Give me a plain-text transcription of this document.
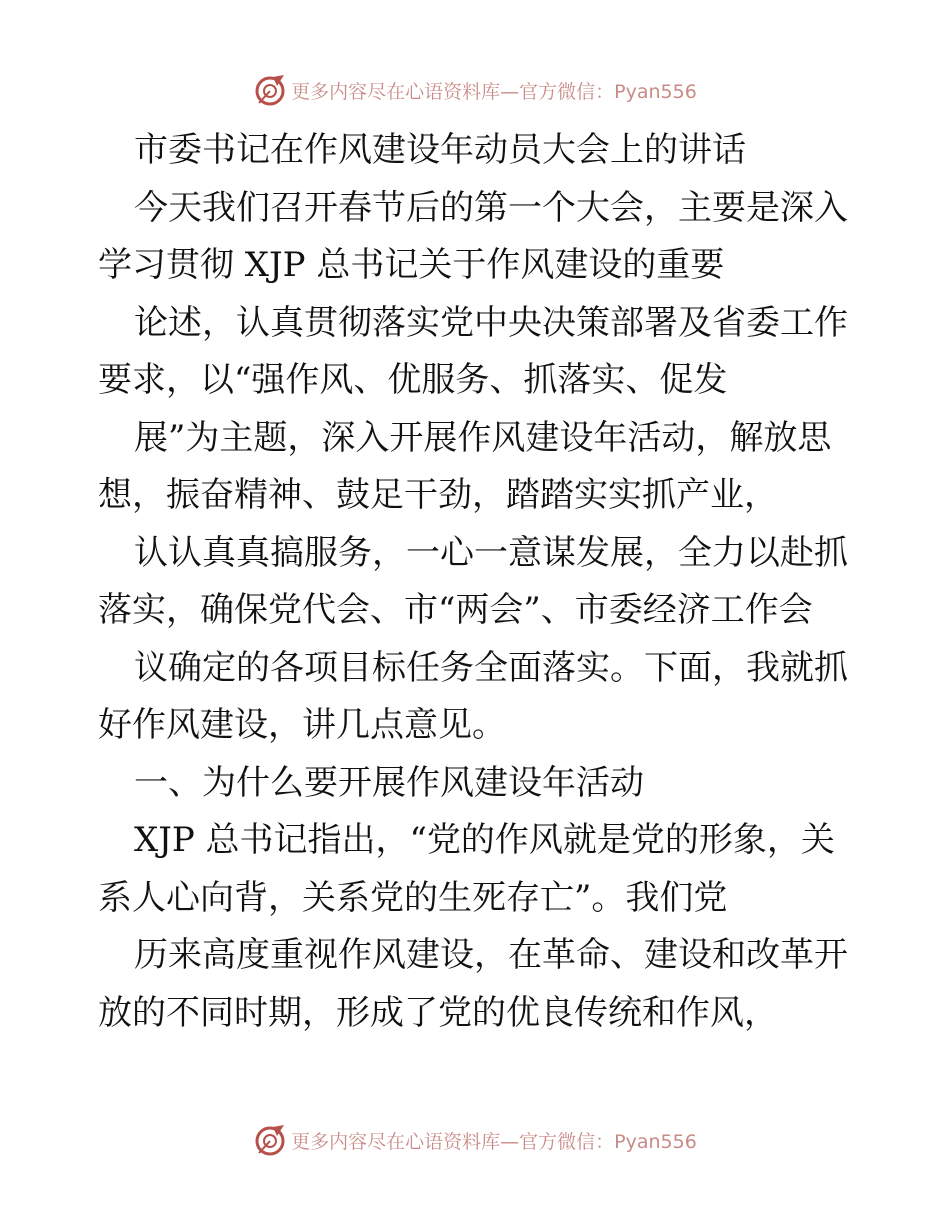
更多内容尽在心语资料库—官方微信：Pyan556
市委书记在作风建设年动员大会上的讲话
今天我们召开春节后的第一个大会，主要是深入
学习贯彻 XJP 总书记关于作风建设的重要
论述，认真贯彻落实党中央决策部署及省委工作
要求，以“强作风、优服务、抓落实、促发
展”为主题，深入开展作风建设年活动，解放思
想，振奋精神、鼓足干劲，踏踏实实抓产业，
认认真真搞服务，一心一意谋发展，全力以赴抓
落实，确保党代会、市“两会”、市委经济工作会
议确定的各项目标任务全面落实。下面，我就抓
好作风建设，讲几点意见。
一、为什么要开展作风建设年活动
XJP 总书记指出，“党的作风就是党的形象，关
系人心向背，关系党的生死存亡”。我们党
历来高度重视作风建设，在革命、建设和改革开
放的不同时期，形成了党的优良传统和作风，
更多内容尽在心语资料库—官方微信：Pyan556
